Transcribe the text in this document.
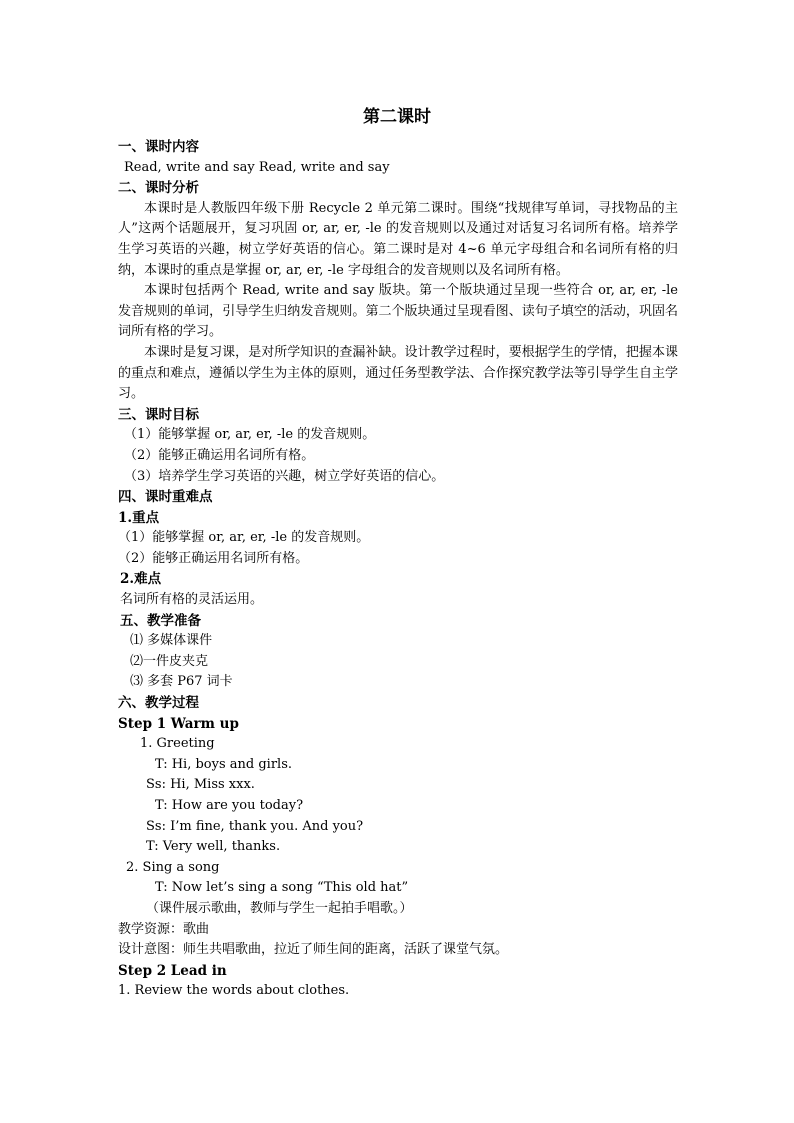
第二课时
一、课时内容
Read, write and say Read, write and say
二、课时分析
本课时是人教版四年级下册 Recycle 2 单元第二课时。围绕“找规律写单词，寻找物品的主人”这两个话题展开，复习巩固 or, ar, er, -le 的发音规则以及通过对话复习名词所有格。培养学生学习英语的兴趣，树立学好英语的信心。第二课时是对 4~6 单元字母组合和名词所有格的归纳，本课时的重点是掌握 or, ar, er, -le 字母组合的发音规则以及名词所有格。
本课时包括两个 Read, write and say 版块。第一个版块通过呈现一些符合 or, ar, er, -le 发音规则的单词，引导学生归纳发音规则。第二个版块通过呈现看图、读句子填空的活动，巩固名词所有格的学习。
本课时是复习课，是对所学知识的查漏补缺。设计教学过程时，要根据学生的学情，把握本课的重点和难点，遵循以学生为主体的原则，通过任务型教学法、合作探究教学法等引导学生自主学习。
三、课时目标
（1）能够掌握 or, ar, er, -le 的发音规则。
（2）能够正确运用名词所有格。
（3）培养学生学习英语的兴趣，树立学好英语的信心。
四、课时重难点
1.重点
（1）能够掌握 or, ar, er, -le 的发音规则。
（2）能够正确运用名词所有格。
2.难点
名词所有格的灵活运用。
五、教学准备
⑴ 多媒体课件
⑵一件皮夹克
⑶ 多套 P67 词卡
六、教学过程
Step 1 Warm up
1. Greeting
T: Hi, boys and girls.
Ss: Hi, Miss xxx.
T: How are you today?
Ss: I’m fine, thank you. And you?
T: Very well, thanks.
2. Sing a song
T: Now let’s sing a song “This old hat”
（课件展示歌曲，教师与学生一起拍手唱歌。）
教学资源：歌曲
设计意图：师生共唱歌曲，拉近了师生间的距离，活跃了课堂气氛。
Step 2 Lead in
1. Review the words about clothes.
